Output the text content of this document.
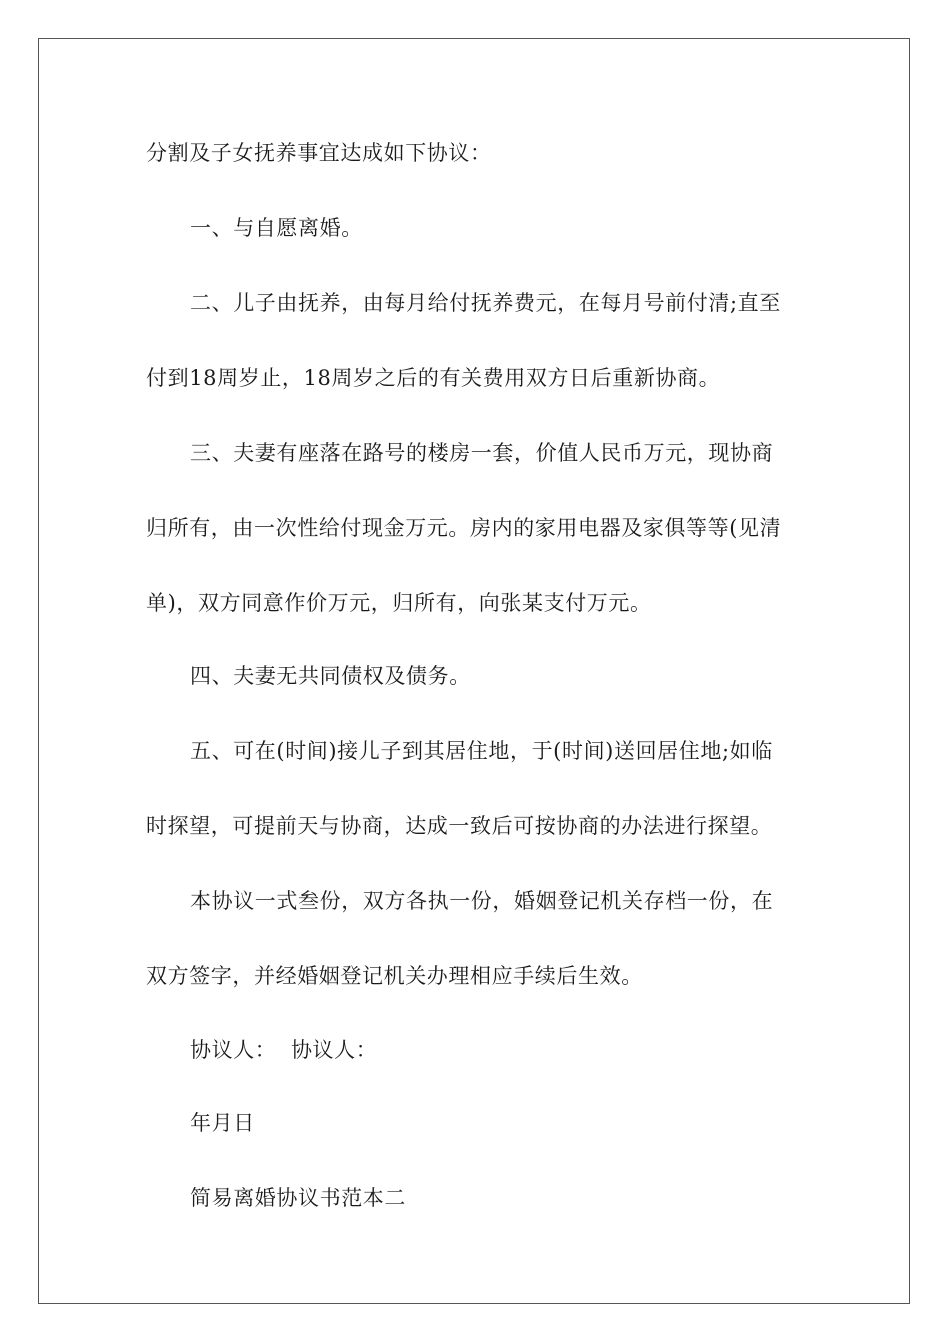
分割及子女抚养事宜达成如下协议：
一、与自愿离婚。
二、儿子由抚养，由每月给付抚养费元，在每月号前付清;直至
付到18周岁止，18周岁之后的有关费用双方日后重新协商。
三、夫妻有座落在路号的楼房一套，价值人民币万元，现协商
归所有，由一次性给付现金万元。房内的家用电器及家俱等等(见清
单)，双方同意作价万元，归所有，向张某支付万元。
四、夫妻无共同债权及债务。
五、可在(时间)接儿子到其居住地，于(时间)送回居住地;如临
时探望，可提前天与协商，达成一致后可按协商的办法进行探望。
本协议一式叁份，双方各执一份，婚姻登记机关存档一份，在
双方签字，并经婚姻登记机关办理相应手续后生效。
协议人：  协议人：
年月日
简易离婚协议书范本二
